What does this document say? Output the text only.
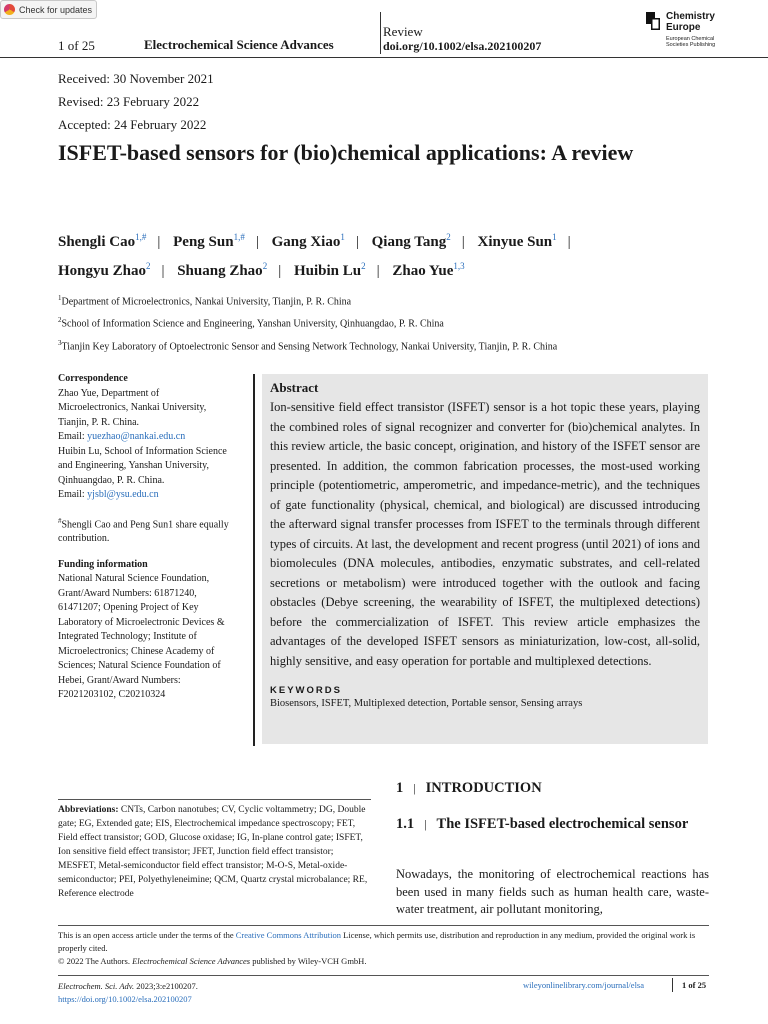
Check for updates
1 of 25	Electrochemical Science Advances
Review
doi.org/10.1002/elsa.202100207
Chemistry
Europe
European Chemical
Societies Publishing
Received: 30 November 2021
Revised: 23 February 2022
Accepted: 24 February 2022
ISFET-based sensors for (bio)chemical applications: A review
Shengli Cao$^{1,\#}$ | Peng Sun$^{1,\#}$ | Gang Xiao$^1$ | Qiang Tang$^2$ | Xinyue Sun$^1$ |
Hongyu Zhao$^2$ | Shuang Zhao$^2$ | Huibin Lu$^2$ | Zhao Yue$^{1,3}$
$^1$Department of Microelectronics, Nankai University, Tianjin, P. R. China
$^2$School of Information Science and Engineering, Yanshan University, Qinhuangdao, P. R. China
$^3$Tianjin Key Laboratory of Optoelectronic Sensor and Sensing Network Technology, Nankai University, Tianjin, P. R. China
Correspondence
Zhao Yue, Department of
Microelectronics, Nankai University,
Tianjin, P. R. China.
Email: yuezhao@nankai.edu.cn
Huibin Lu, School of Information Science
and Engineering, Yanshan University,
Qinhuangdao, P. R. China.
Email: yjsbl@ysu.edu.cn
#Shengli Cao and Peng Sun1 share equally
contribution.
Funding information
National Natural Science Foundation,
Grant/Award Numbers: 61871240,
61471207; Opening Project of Key
Laboratory of Microelectronic Devices &
Integrated Technology; Institute of
Microelectronics; Chinese Academy of
Sciences; Natural Science Foundation of
Hebei, Grant/Award Numbers:
F2021203102, C20210324
Abstract
Ion-sensitive field effect transistor (ISFET) sensor is a hot topic these years, playing the combined roles of signal recognizer and converter for (bio)chemical analytes. In this review article, the basic concept, origination, and history of the ISFET sensor are presented. In addition, the common fabrication processes, the most-used working principle (potentiometric, amperometric, and impedance-metric), and the techniques of gate functionality (physical, chemical, and biological) are discussed introducing the afterward signal transfer processes from ISFET to the terminals through different types of circuits. At last, the development and recent progress (until 2021) of ions and biomolecules (DNA molecules, antibodies, enzymatic substrates, and cell-related secretions or metabolism) were introduced together with the outlook and facing obstacles (Debye screening, the wearability of ISFET, the multiplexed detections) before the commercialization of ISFET. This review article emphasizes the advantages of the developed ISFET sensors as miniaturization, low-cost, all-solid, highly sensitive, and easy operation for portable and multiplexed detections.
KEYWORDS
Biosensors, ISFET, Multiplexed detection, Portable sensor, Sensing arrays
Abbreviations: CNTs, Carbon nanotubes; CV, Cyclic voltammetry; DG, Double gate; EG, Extended gate; EIS, Electrochemical impedance spectroscopy; FET, Field effect transistor; GOD, Glucose oxidase; IG, In-plane control gate; ISFET, Ion sensitive field effect transistor; JFET, Junction field effect transistor; MESFET, Metal-semiconductor field effect transistor; M-O-S, Metal-oxide-semiconductor; PEI, Polyethyleneimine; QCM, Quartz crystal microbalance; RE, Reference electrode
1 | INTRODUCTION
1.1 | The ISFET-based electrochemical sensor
Nowadays, the monitoring of electrochemical reactions has been used in many fields such as human health care, waste-water treatment, air pollutant monitoring,
This is an open access article under the terms of the Creative Commons Attribution License, which permits use, distribution and reproduction in any medium, provided the original work is properly cited.
© 2022 The Authors. Electrochemical Science Advances published by Wiley-VCH GmbH.
Electrochem. Sci. Adv. 2023;3:e2100207.
https://doi.org/10.1002/elsa.202100207
wileyonlinelibrary.com/journal/elsa	1 of 25
